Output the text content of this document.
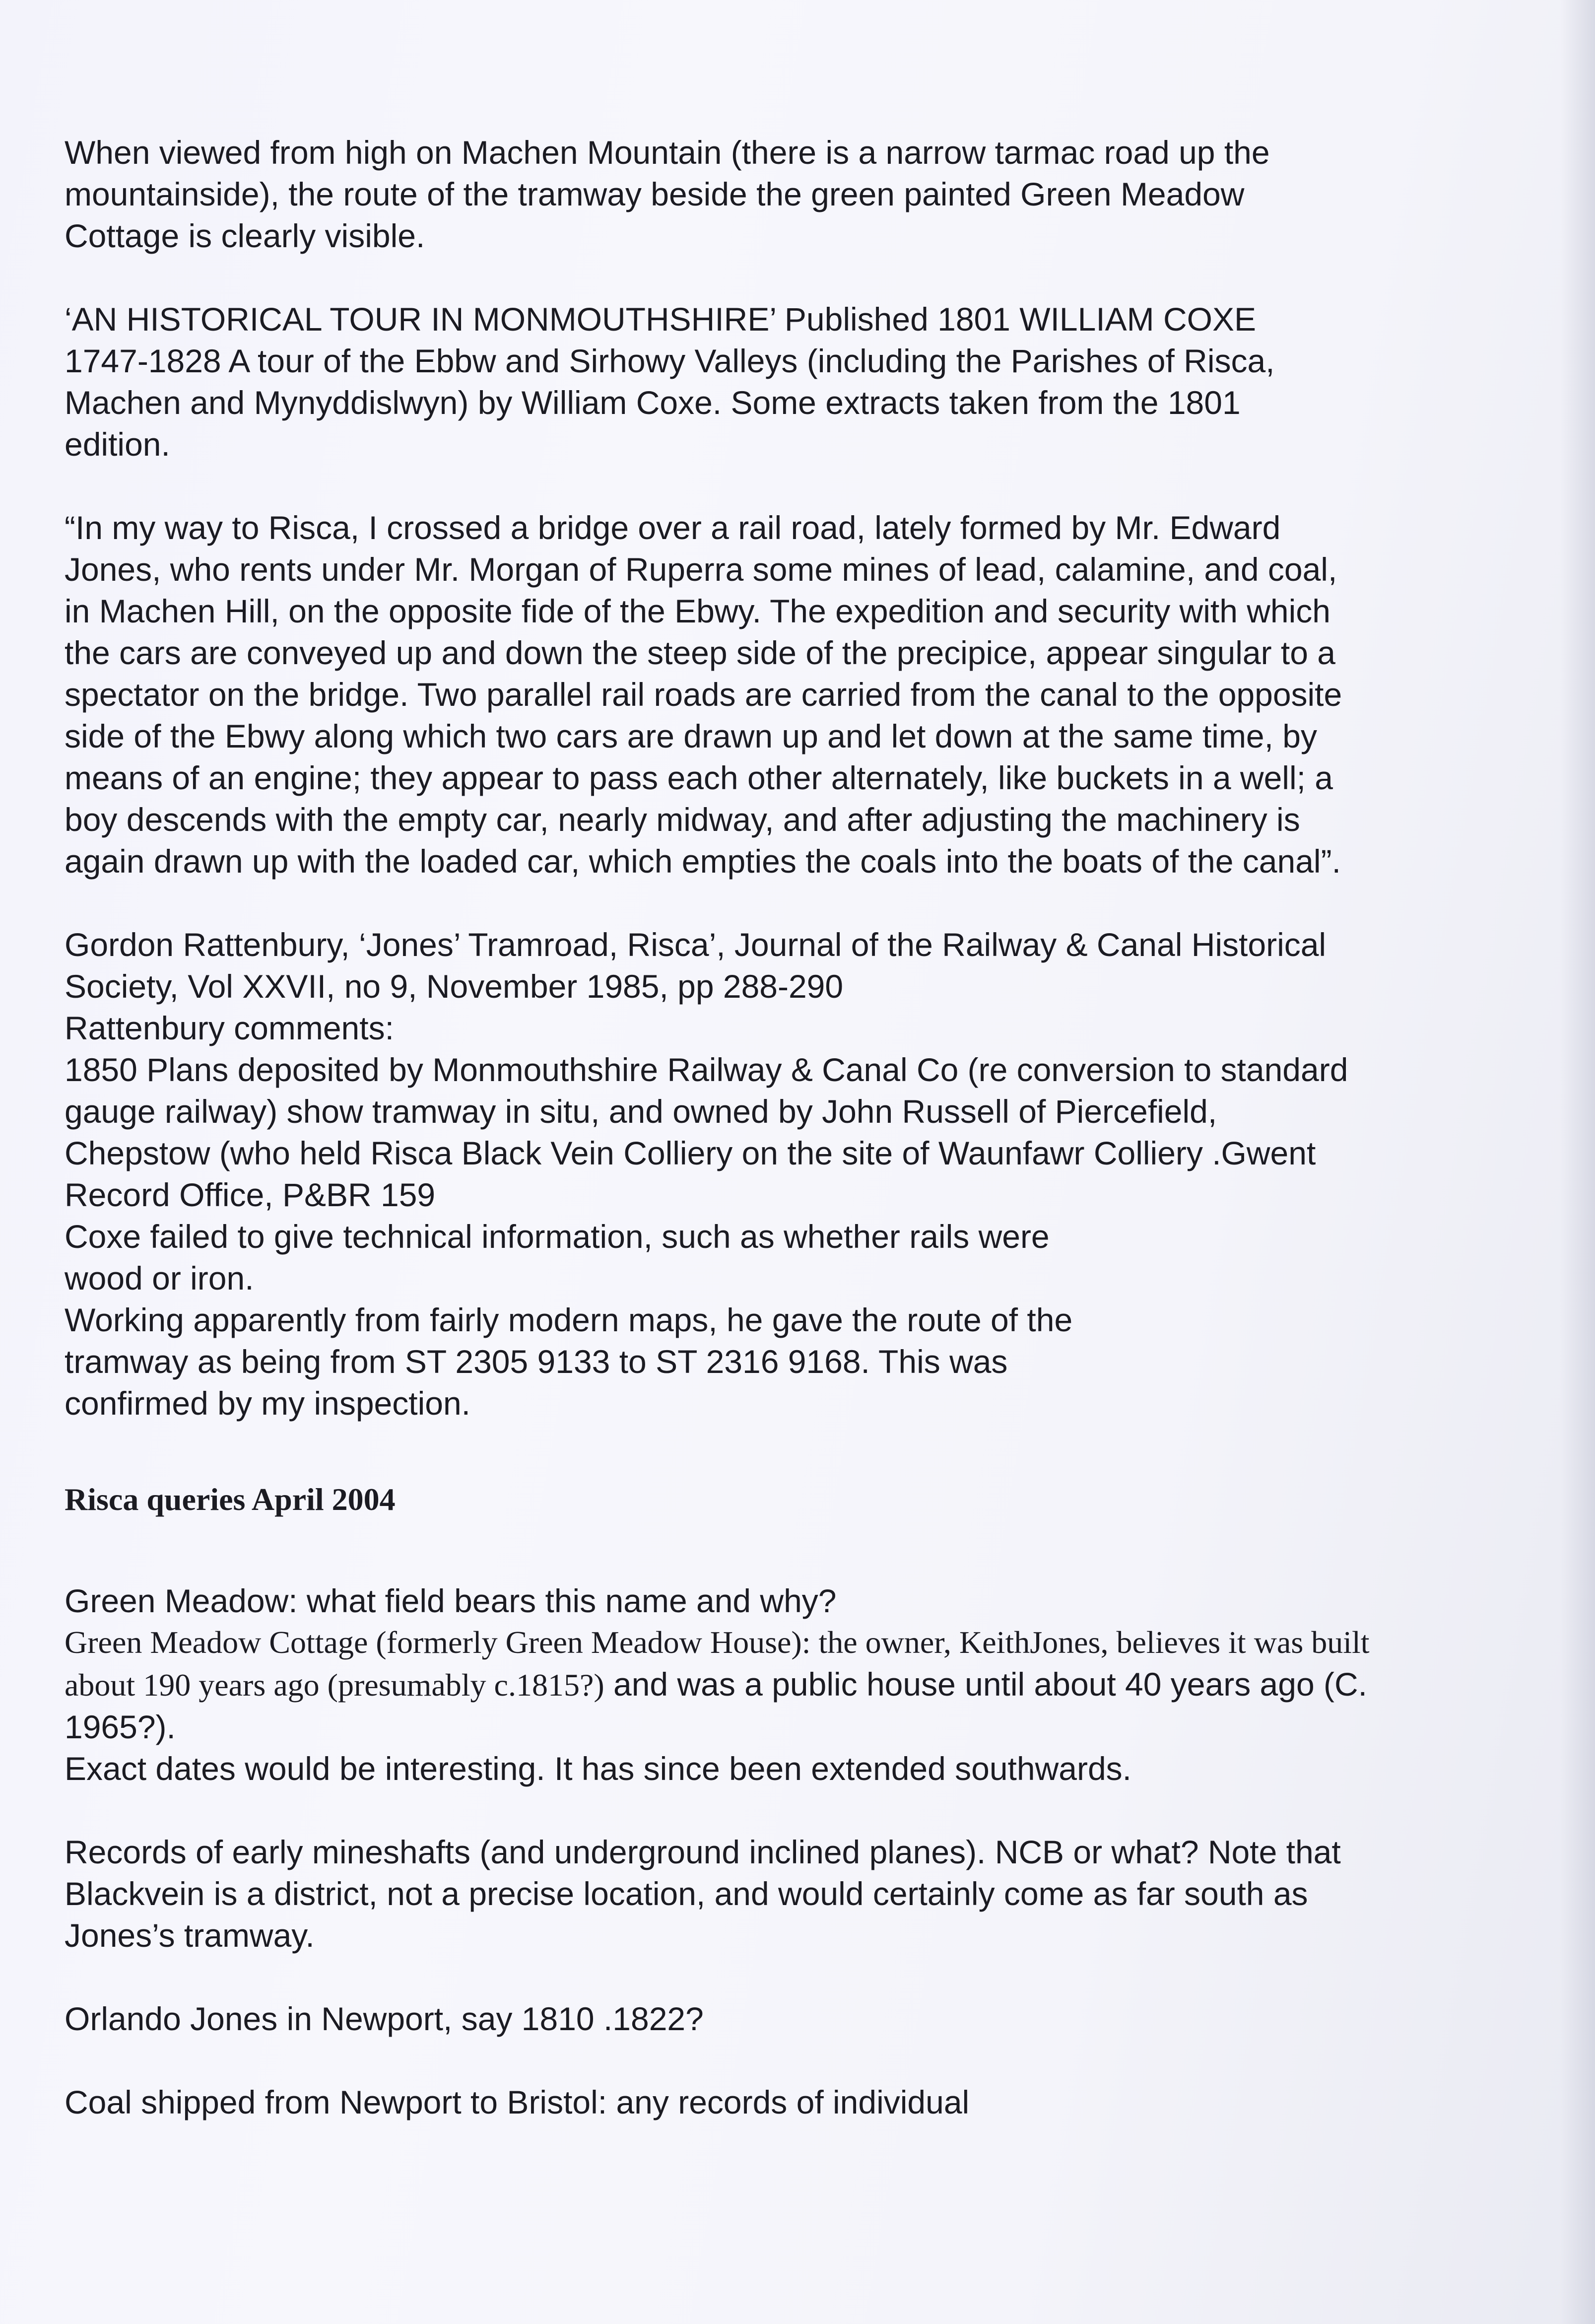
When viewed from high on Machen Mountain (there is a narrow tarmac road up the
mountainside), the route of the tramway beside the green painted Green Meadow
Cottage is clearly visible.
‘AN HISTORICAL TOUR IN MONMOUTHSHIRE’ Published 1801 WILLIAM COXE
1747-1828 A tour of the Ebbw and Sirhowy Valleys (including the Parishes of Risca,
Machen and Mynyddislwyn) by William Coxe. Some extracts taken from the 1801
edition.
“In my way to Risca, I crossed a bridge over a rail road, lately formed by Mr. Edward
Jones, who rents under Mr. Morgan of Ruperra some mines of lead, calamine, and coal,
in Machen Hill, on the opposite fide of the Ebwy. The expedition and security with which
the cars are conveyed up and down the steep side of the precipice, appear singular to a
spectator on the bridge. Two parallel rail roads are carried from the canal to the opposite
side of the Ebwy along which two cars are drawn up and let down at the same time, by
means of an engine; they appear to pass each other alternately, like buckets in a well; a
boy descends with the empty car, nearly midway, and after adjusting the machinery is
again drawn up with the loaded car, which empties the coals into the boats of the canal”.
Gordon Rattenbury, ‘Jones’ Tramroad, Risca’, Journal of the Railway & Canal Historical
Society, Vol XXVII, no 9, November 1985, pp 288-290
Rattenbury comments:
1850 Plans deposited by Monmouthshire Railway & Canal Co (re conversion to standard
gauge railway) show tramway in situ, and owned by John Russell of Piercefield,
Chepstow (who held Risca Black Vein Colliery on the site of Waunfawr Colliery .Gwent
Record Office, P&BR 159
Coxe failed to give technical information, such as whether rails were
wood or iron.
Working apparently from fairly modern maps, he gave the route of the
tramway as being from ST 2305 9133 to ST 2316 9168. This was
confirmed by my inspection.
Risca queries April 2004
Green Meadow: what field bears this name and why?
Green Meadow Cottage (formerly Green Meadow House): the owner, KeithJones, believes it was built
about 190 years ago (presumably c.1815?) and was a public house until about 40 years ago (C.
1965?).
Exact dates would be interesting. It has since been extended southwards.
Records of early mineshafts (and underground inclined planes). NCB or what? Note that
Blackvein is a district, not a precise location, and would certainly come as far south as
Jones’s tramway.
Orlando Jones in Newport, say 1810 .1822?
Coal shipped from Newport to Bristol: any records of individual
